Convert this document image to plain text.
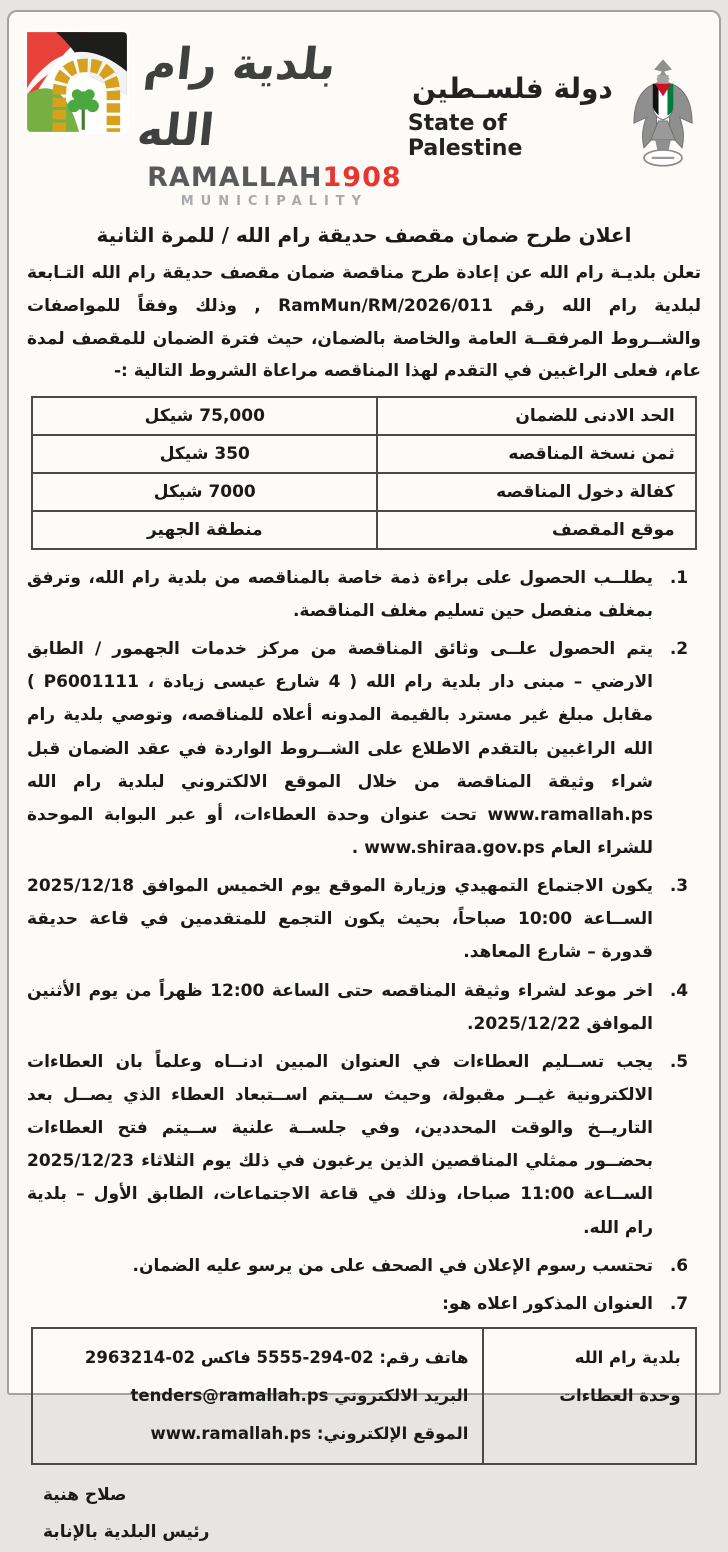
بلدية رام الله
RAMALLAH1908
MUNICIPALITY
دولة فلسـطين
State of Palestine
اعلان طرح ضمان مقصف حديقة رام الله / للمرة الثانية
تعلن بلديـة رام الله عن إعادة طرح مناقصة ضمان مقصف حديقة رام الله التـابعة لبلدية رام الله رقم RamMun/RM/2026/011 , وذلك وفقاً للمواصفات والشــروط المرفقــة العامة والخاصة بالضمان، حيث فترة الضمان للمقصف لمدة عام، فعلى الراغبين في التقدم لهذا المناقصه مراعاة الشروط التالية :-
الحد الادنى للضمان	75,000 شيكل
ثمن نسخة المناقصه	350 شيكل
كفالة دخول المناقصه	7000 شيكل
موقع المقصف	منطقة الجهير
.1
يطلــب الحصول على براءة ذمة خاصة بالمناقصه من بلدية رام الله، وترفق بمغلف منفصل حين تسليم مغلف المناقصة.
.2
يتم الحصول علــى وثائق المناقصة من مركز خدمات الجهمور / الطابق الارضي – مبنى دار بلدية رام الله ( 4 شارع عيسى زيادة ، P6001111 ) مقابل مبلغ غير مسترد بالقيمة المدونه أعلاه للمناقصه، وتوصي بلدية رام الله الراغبين بالتقدم الاطلاع على الشــروط الواردة في عقد الضمان قبل شراء وثيقة المناقصة من خلال الموقع الالكتروني لبلدية رام الله www.ramallah.ps تحت عنوان وحدة العطاءات، أو عبر البوابة الموحدة للشراء العام www.shiraa.gov.ps .
.3
يكون الاجتماع التمهيدي وزيارة الموقع يوم الخميس الموافق 2025/12/18 الســاعة 10:00 صباحاً، بحيث يكون التجمع للمتقدمين في قاعة حديقة قدورة – شارع المعاهد.
.4
اخر موعد لشراء وثيقة المناقصه حتى الساعة 12:00 ظهراً من يوم الأثنين الموافق 2025/12/22.
.5
يجب تســليم العطاءات في العنوان المبين ادنــاه وعلماً بان العطاءات الالكترونية غيــر مقبولة، وحيث ســيتم اســتبعاد العطاء الذي يصــل بعد التاريــخ والوقت المحددين، وفي جلســة علنية ســيتم فتح العطاءات بحضــور ممثلي المناقصين الذين يرغبون في ذلك يوم الثلاثاء 2025/12/23 الســاعة 11:00 صباحا، وذلك في قاعة الاجتماعات، الطابق الأول – بلدية رام الله.
.6
تحتسب رسوم الإعلان في الصحف على من يرسو عليه الضمان.
.7
العنوان المذكور اعلاه هو:
بلدية رام الله
وحدة العطاءات

هاتف رقم: 02-294-5555 فاكس 02-2963214
البريد الالكتروني tenders@ramallah.ps
الموقع الإلكتروني: www.ramallah.ps
صلاح هنية
رئيس البلدية بالإنابة
